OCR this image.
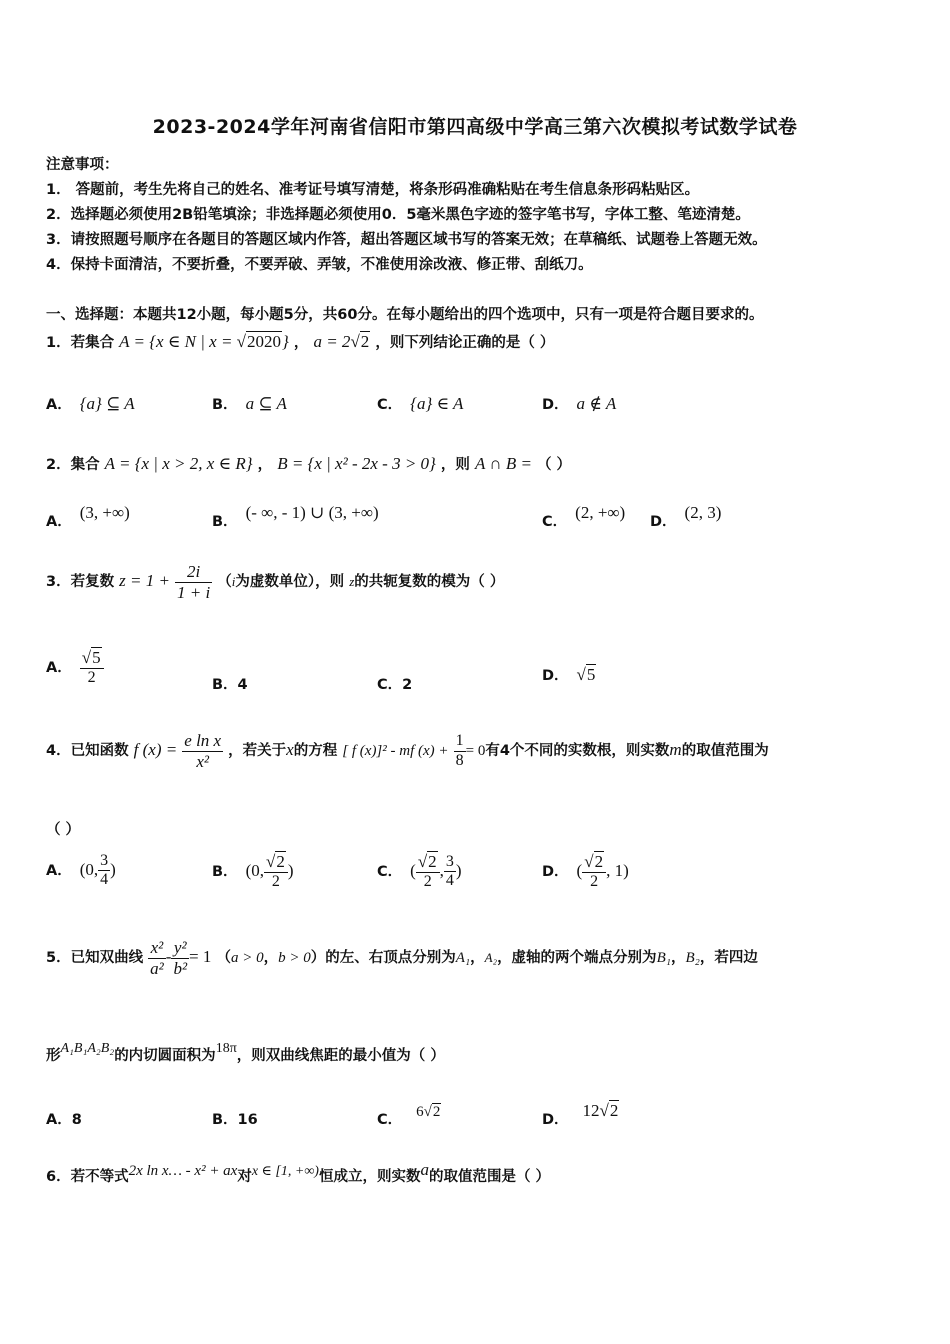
2023-2024学年河南省信阳市第四高级中学高三第六次模拟考试数学试卷
注意事项：
1． 答题前，考生先将自己的姓名、准考证号填写清楚，将条形码准确粘贴在考生信息条形码粘贴区。
2．选择题必须使用2B铅笔填涂；非选择题必须使用0．5毫米黑色字迹的签字笔书写，字体工整、笔迹清楚。
3．请按照题号顺序在各题目的答题区域内作答，超出答题区域书写的答案无效；在草稿纸、试题卷上答题无效。
4．保持卡面清洁，不要折叠，不要弄破、弄皱，不准使用涂改液、修正带、刮纸刀。
一、选择题：本题共12小题，每小题5分，共60分。在每小题给出的四个选项中，只有一项是符合题目要求的。
1．若集合 A = {x ∈ N | x = √2020} ， a = 2√2 ，则下列结论正确的是（ ）
A． {a} ⊆ A	B． a ⊆ A	C． {a} ∈ A	D． a ∉ A
2．集合 A = {x | x > 2, x ∈ R} ， B = {x | x² - 2x - 3 > 0} ，则 A ∩ B = （ ）
A． (3, +∞)	B． (- ∞, - 1) ∪ (3, +∞)	C． (2, +∞) D． (2, 3)
3．若复数 $z = 1 + \frac{2i}{1 + i} (i$为虚数单位），则 z的共轭复数的模为（ ）
A． $\frac{√5}{2}$	B．4	C．2
D． √5
4．已知函数 f $(x) = \frac{\text{e ln x}}{\text{x²}}$ ，若关于x的方程 [ f (x)]² - mf $(x) + \frac{1}{8} = 0$有4个不同的实数根，则实数m的取值范围为
（ ）
A． (0, $\frac{3}{4}$ )	B． (0, $\frac{√2}{2}$ )	C． ( $\frac{√2}{2}$ , $\frac{3}{4}$ )	D． ( $\frac{√2}{2}$ , 1)
5．已知双曲线 $\frac{\text{x²}}{\text{a²}} - \frac{\text{y²}}{\text{b²}} = 1$ （a > 0，b > 0）的左、右顶点分别为A₁，A₂，虚轴的两个端点分别为B₁，B₂，若四边
形A₁B₁A₂B₂的内切圆面积为18π，则双曲线焦距的最小值为（ ）
A．8	B．16	C． 6√2	D． 12√2
6．若不等式2x ln x… - x² + ax对x ∈ [1, +∞)恒成立，则实数a的取值范围是（ ）
